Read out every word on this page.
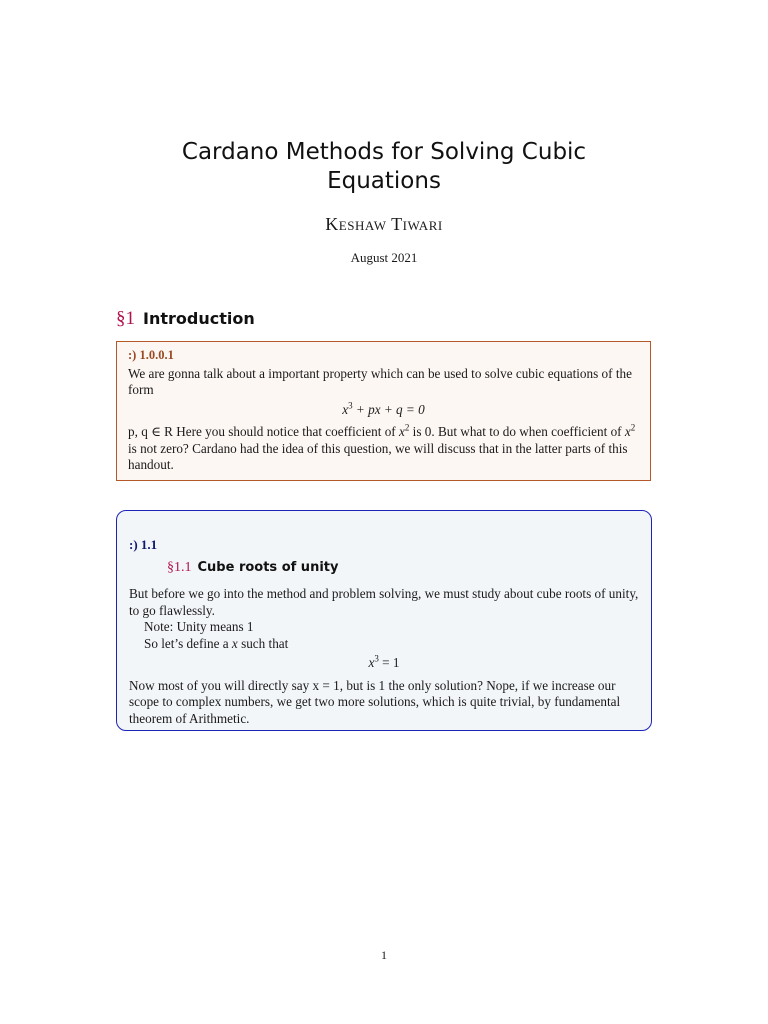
Cardano Methods for Solving Cubic
Equations
Keshaw Tiwari
August 2021
§1 Introduction
:) 1.0.0.1

We are gonna talk about a important property which can be used to solve cubic equations of the form

$x^3$ + px + q = 0

p, q ∈ R Here you should notice that coefficient of $x^2$ is 0. But what to do when coefficient of $x^2$ is not zero? Cardano had the idea of this question, we will discuss that in the latter parts of this handout.

:) 1.1
§1.1 Cube roots of unity

But before we go into the method and problem solving, we must study about cube roots of unity, to go flawlessly.

Note: Unity means 1

So let’s define a x such that

$x^3 = 1$

Now most of you will directly say x = 1, but is 1 the only solution? Nope, if we increase our scope to complex numbers, we get two more solutions, which is quite trivial, by fundamental theorem of Arithmetic.

1
